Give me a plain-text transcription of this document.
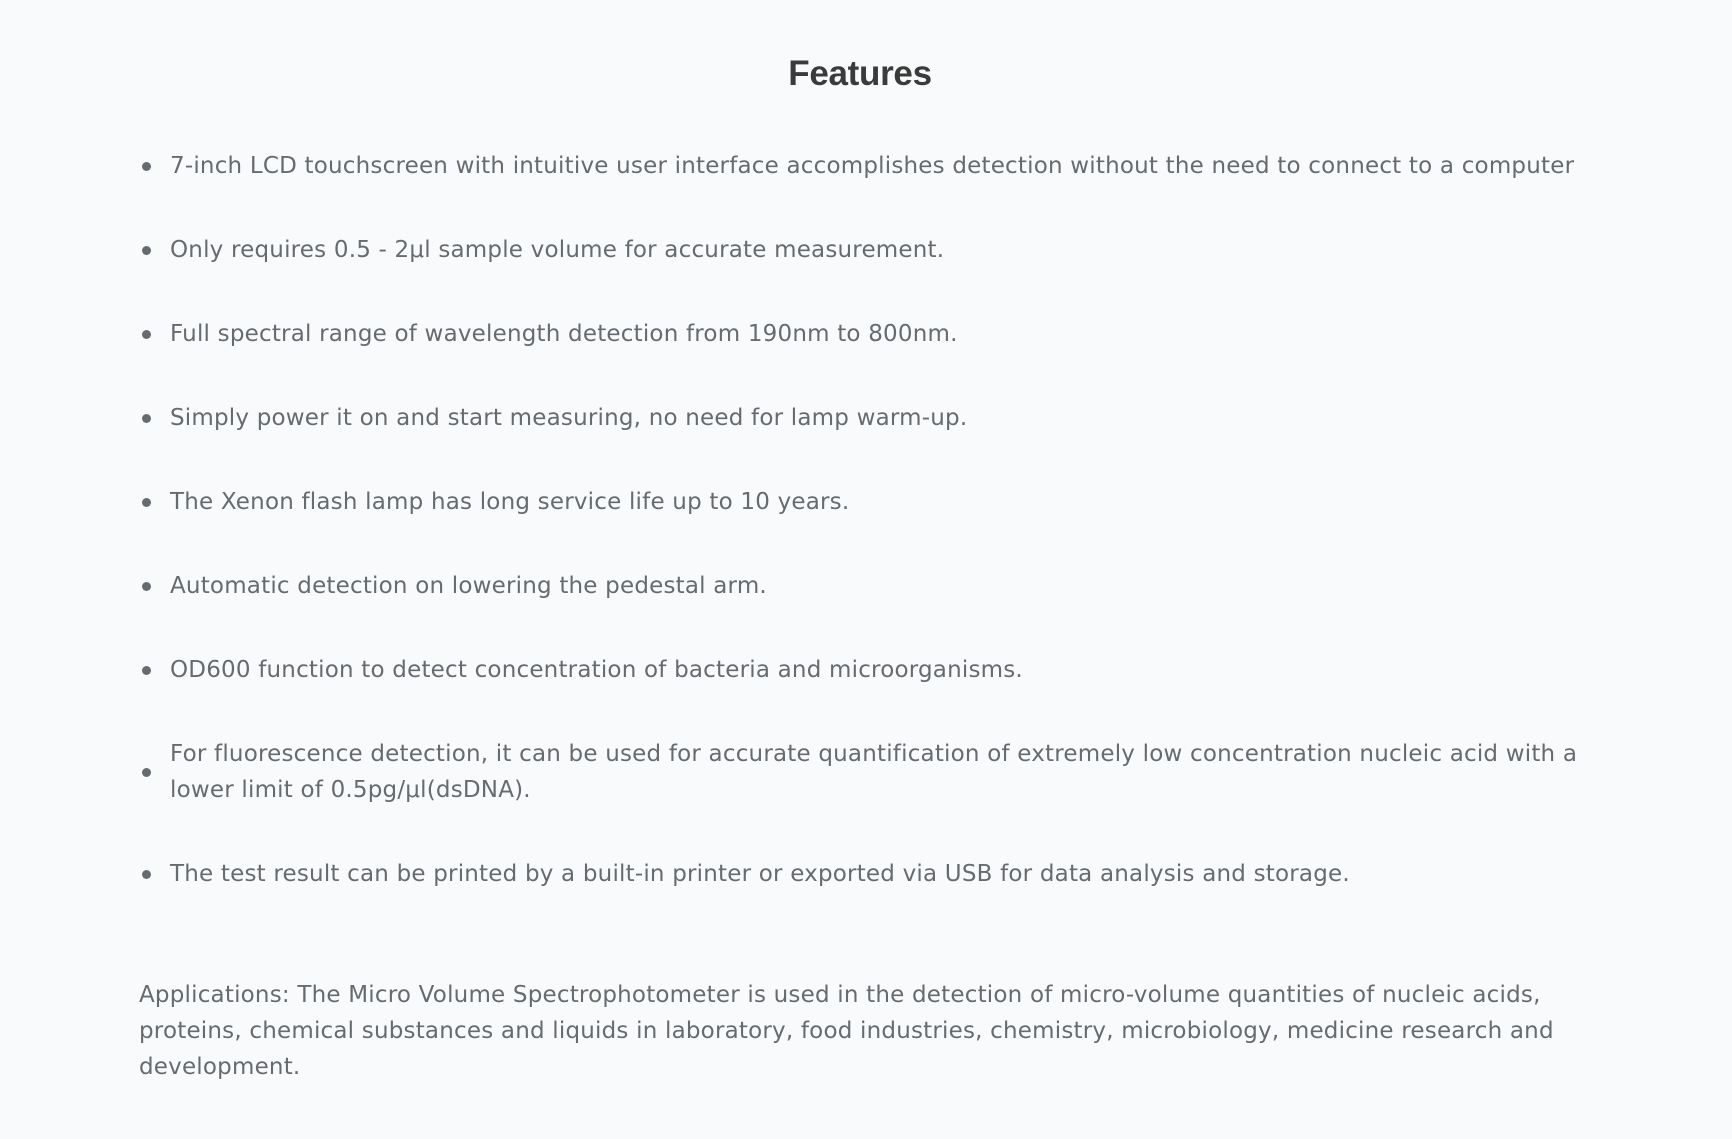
Features
7-inch LCD touchscreen with intuitive user interface accomplishes detection without the need to connect to a computer
Only requires 0.5 - 2μl sample volume for accurate measurement.
Full spectral range of wavelength detection from 190nm to 800nm.
Simply power it on and start measuring, no need for lamp warm-up.
The Xenon flash lamp has long service life up to 10 years.
Automatic detection on lowering the pedestal arm.
OD600 function to detect concentration of bacteria and microorganisms.
For fluorescence detection, it can be used for accurate quantification of extremely low concentration nucleic acid with a lower limit of 0.5pg/μl(dsDNA).
The test result can be printed by a built-in printer or exported via USB for data analysis and storage.

Applications: The Micro Volume Spectrophotometer is used in the detection of micro-volume quantities of nucleic acids, proteins, chemical substances and liquids in laboratory, food industries, chemistry, microbiology, medicine research and development.
